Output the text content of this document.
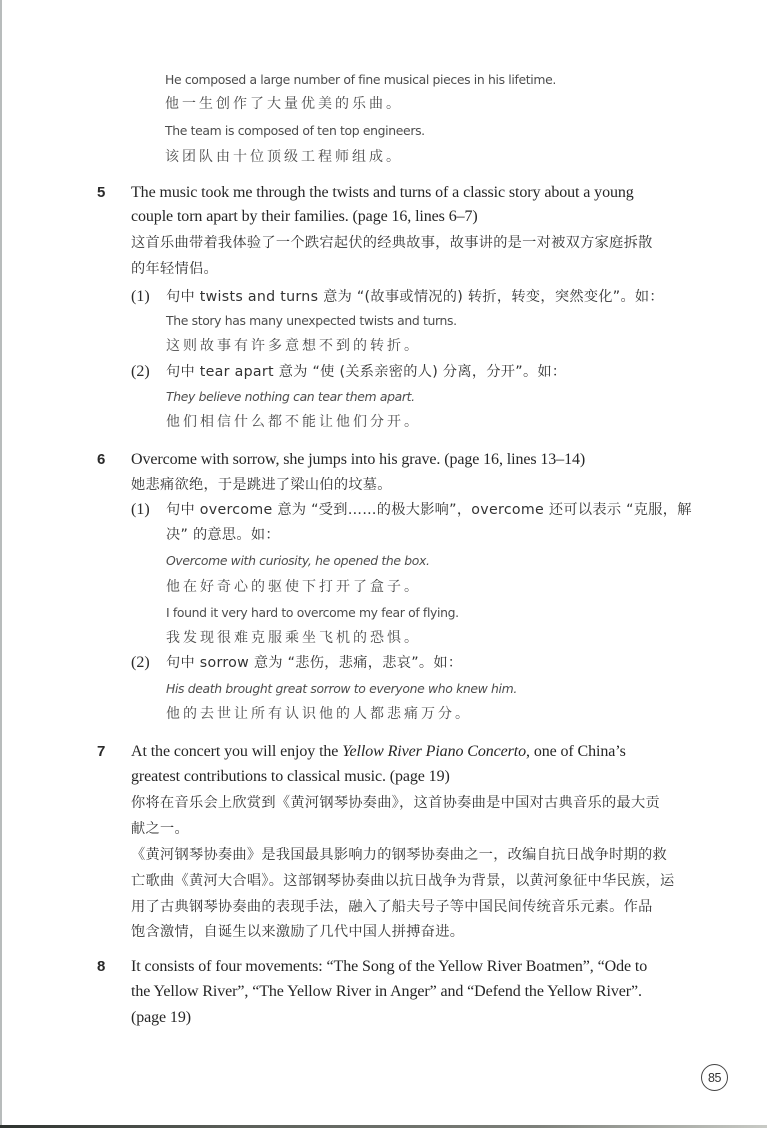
He composed a large number of fine musical pieces in his lifetime.
他一生创作了大量优美的乐曲。
The team is composed of ten top engineers.
该团队由十位顶级工程师组成。
5 The music took me through the twists and turns of a classic story about a young
couple torn apart by their families. (page 16, lines 6–7)
这首乐曲带着我体验了一个跌宕起伏的经典故事，故事讲的是一对被双方家庭拆散
的年轻情侣。
(1) 句中 twists and turns 意为 “(故事或情况的) 转折，转变，突然变化”。如：
The story has many unexpected twists and turns.
这则故事有许多意想不到的转折。
(2) 句中 tear apart 意为 “使 (关系亲密的人) 分离，分开”。如：
They believe nothing can tear them apart.
他们相信什么都不能让他们分开。
6 Overcome with sorrow, she jumps into his grave. (page 16, lines 13–14)
她悲痛欲绝，于是跳进了梁山伯的坟墓。
(1) 句中 overcome 意为 “受到……的极大影响”，overcome 还可以表示 “克服，解
决” 的意思。如：
Overcome with curiosity, he opened the box.
他在好奇心的驱使下打开了盒子。
I found it very hard to overcome my fear of flying.
我发现很难克服乘坐飞机的恐惧。
(2) 句中 sorrow 意为 “悲伤，悲痛，悲哀”。如：
His death brought great sorrow to everyone who knew him.
他的去世让所有认识他的人都悲痛万分。
7 At the concert you will enjoy the Yellow River Piano Concerto, one of China’s
greatest contributions to classical music. (page 19)
你将在音乐会上欣赏到《黄河钢琴协奏曲》，这首协奏曲是中国对古典音乐的最大贡
献之一。
《黄河钢琴协奏曲》是我国最具影响力的钢琴协奏曲之一，改编自抗日战争时期的救
亡歌曲《黄河大合唱》。这部钢琴协奏曲以抗日战争为背景，以黄河象征中华民族，运
用了古典钢琴协奏曲的表现手法，融入了船夫号子等中国民间传统音乐元素。作品
饱含激情，自诞生以来激励了几代中国人拼搏奋进。
8 It consists of four movements: “The Song of the Yellow River Boatmen”, “Ode to
the Yellow River”, “The Yellow River in Anger” and “Defend the Yellow River”.
(page 19)
85
